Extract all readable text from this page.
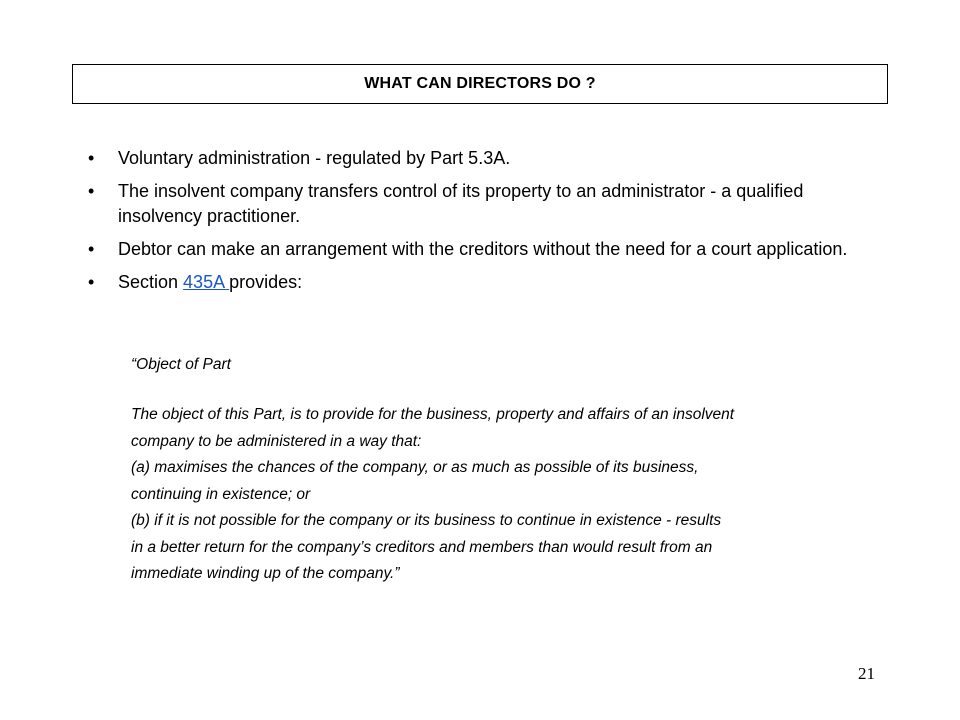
WHAT CAN DIRECTORS DO ?
•	Voluntary administration - regulated by Part 5.3A.
•	The insolvent company transfers control of its property to an administrator - a qualified insolvency practitioner.
•	Debtor can make an arrangement with the creditors without the need for a court application.
•	Section 435A provides:

“Object of Part

The object of this Part, is to provide for the business, property and affairs of an insolvent

company to be administered in a way that:

(a) maximises the chances of the company, or as much as possible of its business,

continuing in existence; or

(b) if it is not possible for the company or its business to continue in existence - results

in a better return for the company’s creditors and members than would result from an

immediate winding up of the company.”

21
